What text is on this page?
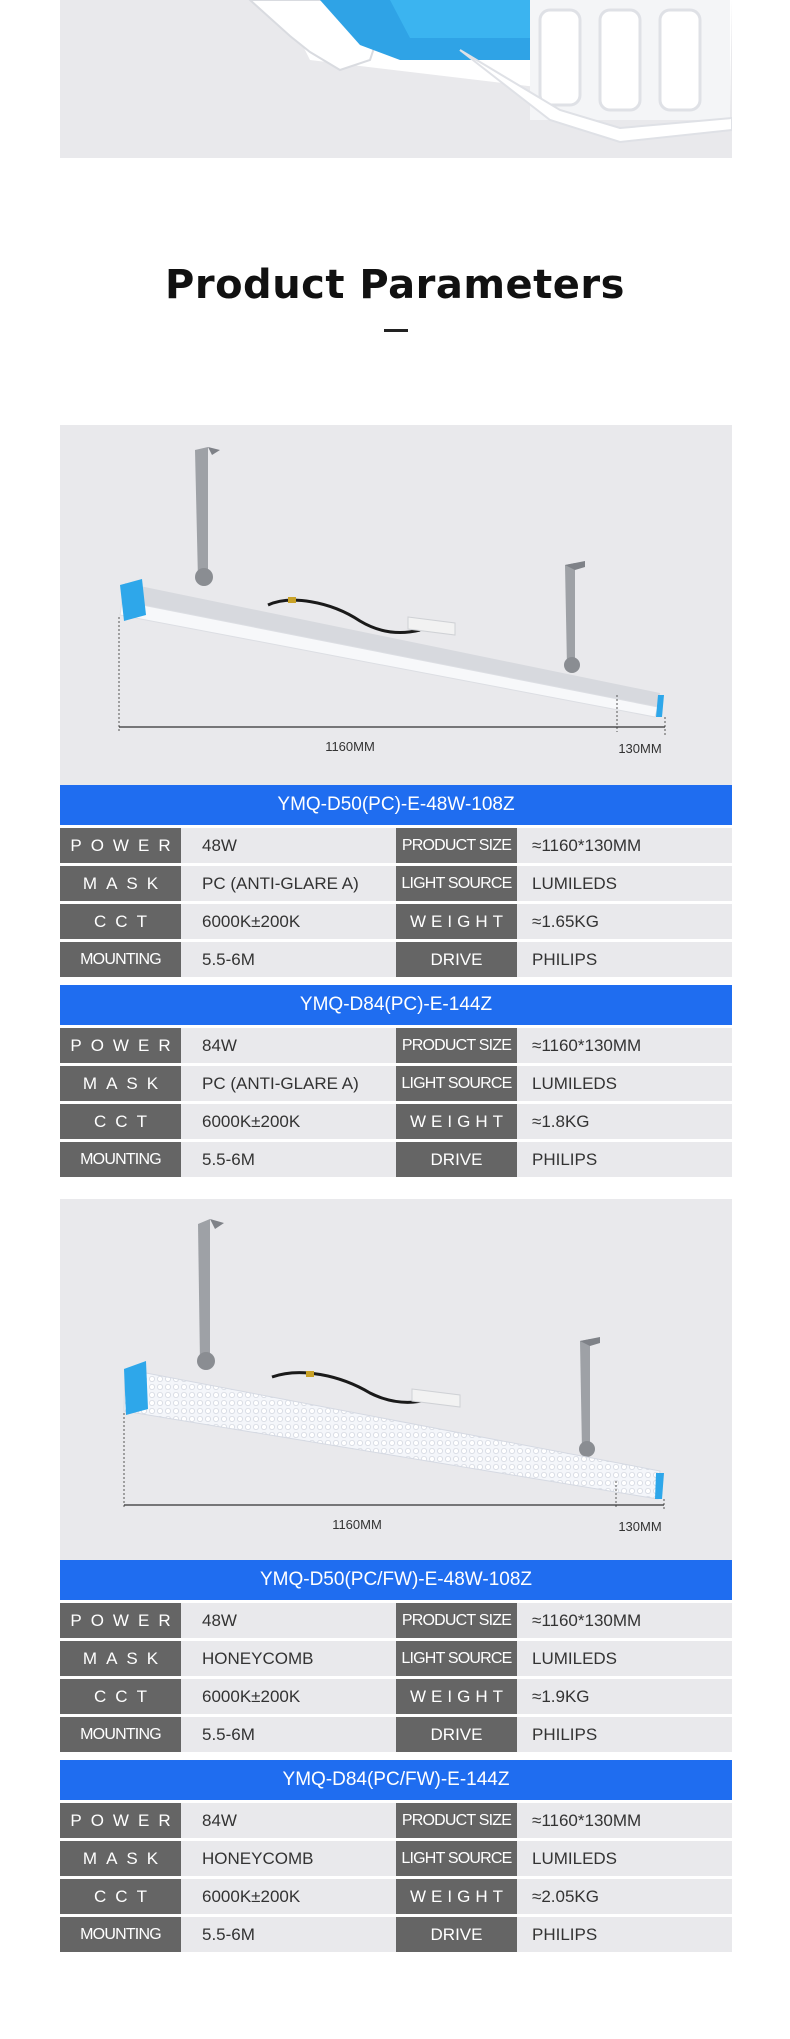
Product Parameters
1160MM	130MM
YMQ-D50(PC)-E-48W-108Z
POWER	48W	PRODUCT SIZE	≈1160*130MM
MASK	PC (ANTI-GLARE A)	LIGHT SOURCE	LUMILEDS
CCT	6000K±200K	WEIGHT	≈1.65KG
MOUNTING	5.5-6M	DRIVE	PHILIPS
YMQ-D84(PC)-E-144Z
POWER	84W	PRODUCT SIZE	≈1160*130MM
MASK	PC (ANTI-GLARE A)	LIGHT SOURCE	LUMILEDS
CCT	6000K±200K	WEIGHT	≈1.8KG
MOUNTING	5.5-6M	DRIVE	PHILIPS
1160MM	130MM
YMQ-D50(PC/FW)-E-48W-108Z
POWER	48W	PRODUCT SIZE	≈1160*130MM
MASK	HONEYCOMB	LIGHT SOURCE	LUMILEDS
CCT	6000K±200K	WEIGHT	≈1.9KG
MOUNTING	5.5-6M	DRIVE	PHILIPS
YMQ-D84(PC/FW)-E-144Z
POWER	84W	PRODUCT SIZE	≈1160*130MM
MASK	HONEYCOMB	LIGHT SOURCE	LUMILEDS
CCT	6000K±200K	WEIGHT	≈2.05KG
MOUNTING	5.5-6M	DRIVE	PHILIPS
